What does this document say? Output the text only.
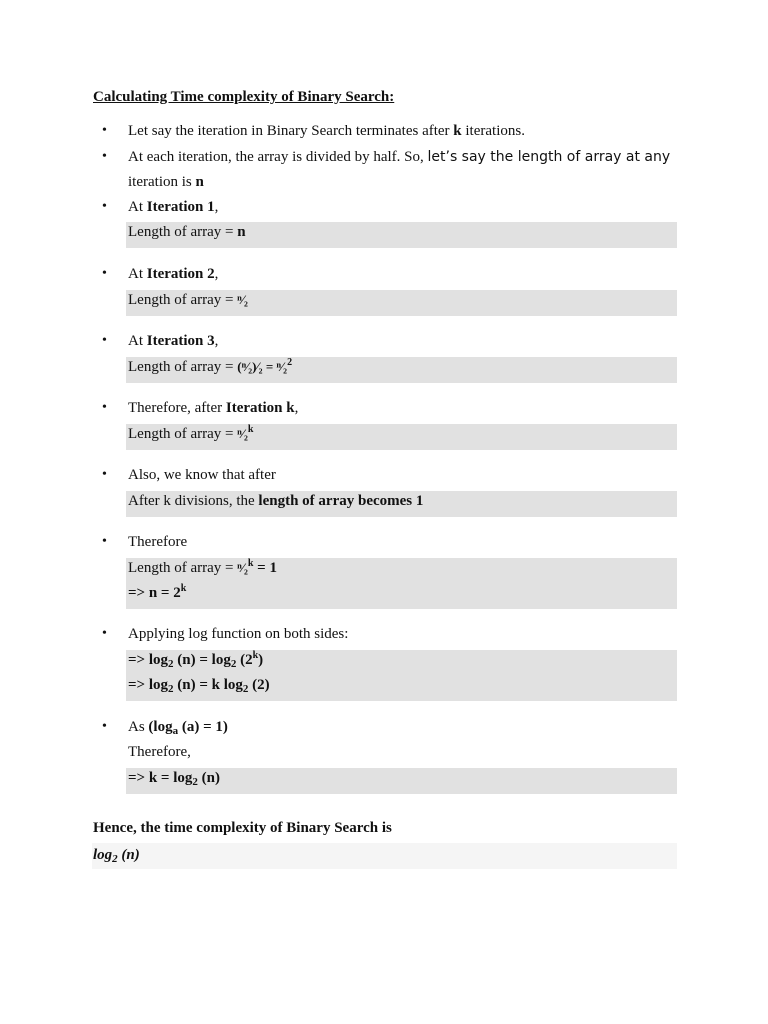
Calculating Time complexity of Binary Search:
• Let say the iteration in Binary Search terminates after k iterations.
• At each iteration, the array is divided by half. So, let’s say the length of array at any
iteration is n
• At Iteration 1,
Length of array = n
• At Iteration 2,
Length of array = ⁿ⁄₂
• At Iteration 3,
Length of array = (ⁿ⁄₂)⁄₂ = ⁿ⁄₂$^2$
• Therefore, after Iteration k,
Length of array = ⁿ⁄₂$^k$
• Also, we know that after
After k divisions, the length of array becomes 1
• Therefore
Length of array = ⁿ⁄₂$^k$ = 1
=> $n = 2^k$
• Applying log function on both sides:
=> $\log_2 (n) = \log_2 (2^k)$
=> $\log_2 (n) = k$ $\log_2 (2)$
• As ($\log_a$ (a) = 1)
Therefore,
=> $k = \log_2 (n)$
Hence, the time complexity of Binary Search is
$\log_2 (n)$
